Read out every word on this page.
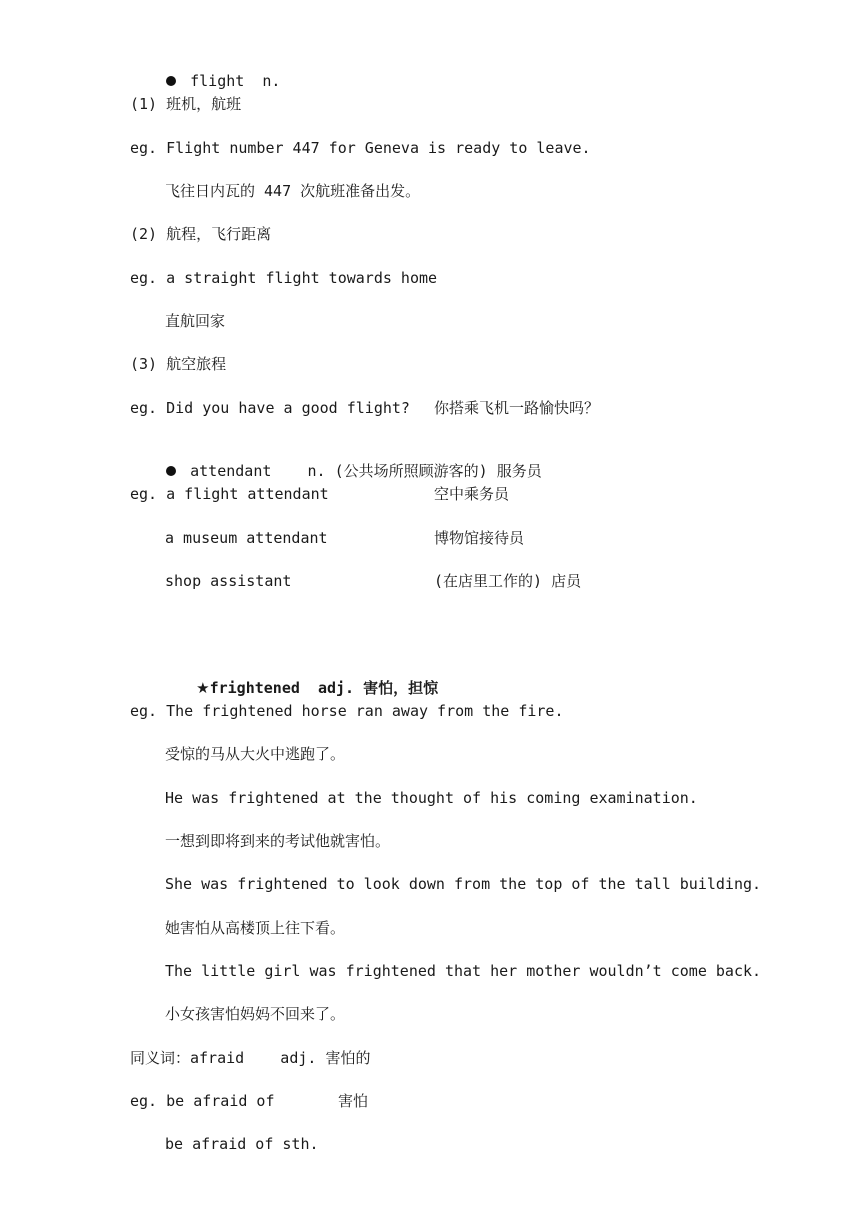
flight n.

(1) 班机，航班
eg. Flight number 447 for Geneva is ready to leave.
飞往日内瓦的 447 次航班准备出发。
(2) 航程，飞行距离
eg. a straight flight towards home
直航回家
(3) 航空旅程
eg. Did you have a good flight? 你搭乘飞机一路愉快吗？

attendant n. (公共场所照顾游客的) 服务员

eg. a flight attendant	空中乘务员
a museum attendant	博物馆接待员
shop assistant	(在店里工作的) 店员

★frightened  adj. 害怕，担惊

eg. The frightened horse ran away from the fire.
受惊的马从大火中逃跑了。
He was frightened at the thought of his coming examination.
一想到即将到来的考试他就害怕。
She was frightened to look down from the top of the tall building.
她害怕从高楼顶上往下看。
The little girl was frightened that her mother wouldn’t come back.
小女孩害怕妈妈不回来了。
同义词：afraid    adj. 害怕的
eg. be afraid of	害怕
be afraid of sth.
